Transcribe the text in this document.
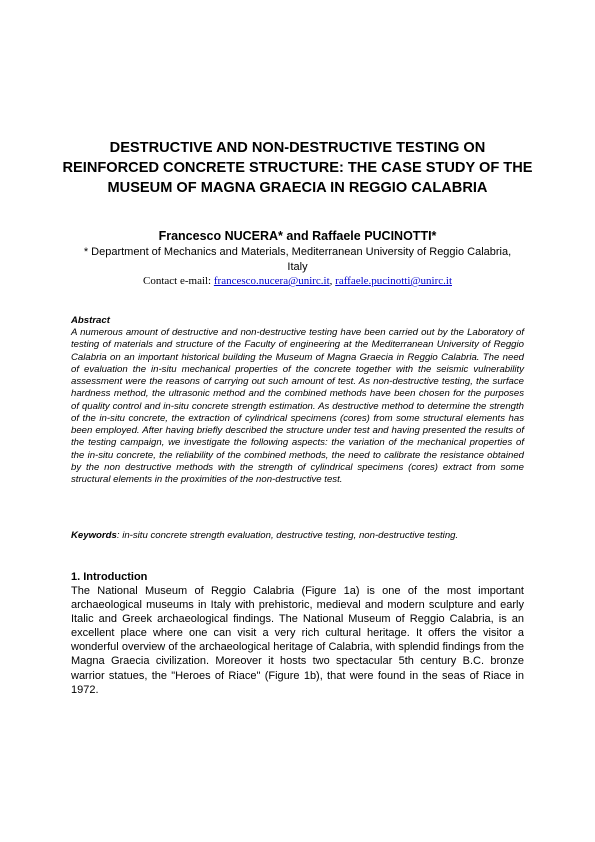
DESTRUCTIVE AND NON-DESTRUCTIVE TESTING ON REINFORCED CONCRETE STRUCTURE: THE CASE STUDY OF THE MUSEUM OF MAGNA GRAECIA IN REGGIO CALABRIA

Francesco NUCERA* and Raffaele PUCINOTTI*

* Department of Mechanics and Materials, Mediterranean University of Reggio Calabria, Italy

Contact e-mail: francesco.nucera@unirc.it, raffaele.pucinotti@unirc.it

Abstract

A numerous amount of destructive and non-destructive testing have been carried out by the Laboratory of testing of materials and structure of the Faculty of engineering at the Mediterranean University of Reggio Calabria on an important historical building the Museum of Magna Graecia in Reggio Calabria. The need of evaluation the in-situ mechanical properties of the concrete together with the seismic vulnerability assessment were the reasons of carrying out such amount of test. As non-destructive testing, the surface hardness method, the ultrasonic method and the combined methods have been chosen for the purposes of quality control and in-situ concrete strength estimation. As destructive method to determine the strength of the in-situ concrete, the extraction of cylindrical specimens (cores) from some structural elements has been employed. After having briefly described the structure under test and having presented the results of the testing campaign, we investigate the following aspects: the variation of the mechanical properties of the in-situ concrete, the reliability of the combined methods, the need to calibrate the resistance obtained by the non destructive methods with the strength of cylindrical specimens (cores) extract from some structural elements in the proximities of the non-destructive test.

Keywords: in-situ concrete strength evaluation, destructive testing, non-destructive testing.

1. Introduction

The National Museum of Reggio Calabria (Figure 1a) is one of the most important archaeological museums in Italy with prehistoric, medieval and modern sculpture and early Italic and Greek archaeological findings. The National Museum of Reggio Calabria, is an excellent place where one can visit a very rich cultural heritage. It offers the visitor a wonderful overview of the archaeological heritage of Calabria, with splendid findings from the Magna Graecia civilization. Moreover it hosts two spectacular 5th century B.C. bronze warrior statues, the "Heroes of Riace" (Figure 1b), that were found in the seas of Riace in 1972.
